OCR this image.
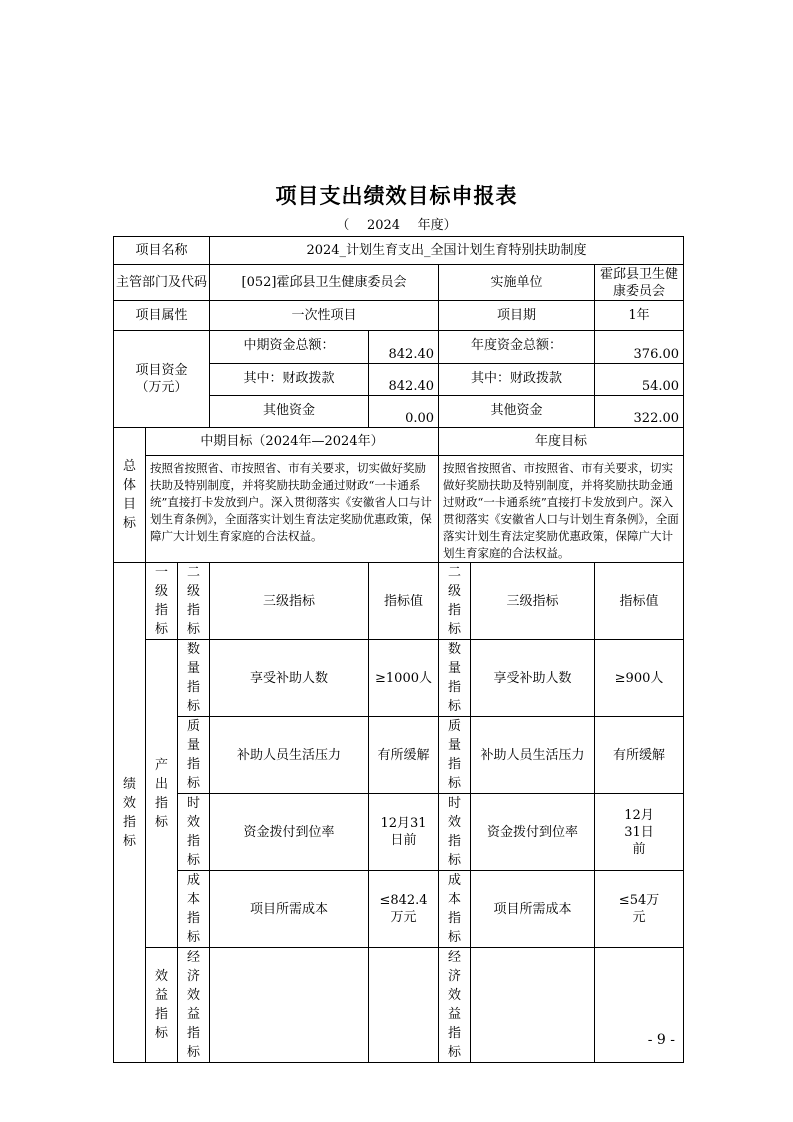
项目支出绩效目标申报表
（ 2024 年度）
项目名称			2024_计划生育支出_全国计划生育特别扶助制度				
主管部门及代码			[052]霍邱县卫生健康委员会		实施单位		霍邱县卫生健康委员会
项目属性			一次性项目		项目期		1年
项目资金（万元）			中期资金总额：	842.40	年度资金总额：		376.00
			其中：财政拨款	842.40	其中：财政拨款		54.00
			其他资金	0.00	其他资金		322.00

总体目标	中期目标（2024年—2024年）				年度目标		
	按照省按照省、市按照省、市有关要求，切实做好奖励扶助及特别制度，并将奖励扶助金通过财政“一卡通系统”直接打卡发放到户。深入贯彻落实《安徽省人口与计划生育条例》，全面落实计划生育法定奖励优惠政策，保障广大计划生育家庭的合法权益。				按照省按照省、市按照省、市有关要求，切实做好奖励扶助及特别制度，并将奖励扶助金通过财政“一卡通系统”直接打卡发放到户。深入贯彻落实《安徽省人口与计划生育条例》，全面落实计划生育法定奖励优惠政策，保障广大计划生育家庭的合法权益。		

绩效指标	一级指标	二级指标	三级指标	指标值	二级指标	三级指标	指标值

	产出指标	数量指标	享受补助人数	≥1000人	数量指标	享受补助人数	≥900人

		质量指标	补助人员生活压力	有所缓解	质量指标	补助人员生活压力	有所缓解

		时效指标	资金拨付到位率	12月31日前	时效指标	资金拨付到位率	12月31日前

		成本指标	项目所需成本	≤842.4万元	成本指标	项目所需成本	≤54万元

	效益指标	经济效益指标			经济效益指标		

- 9 -
